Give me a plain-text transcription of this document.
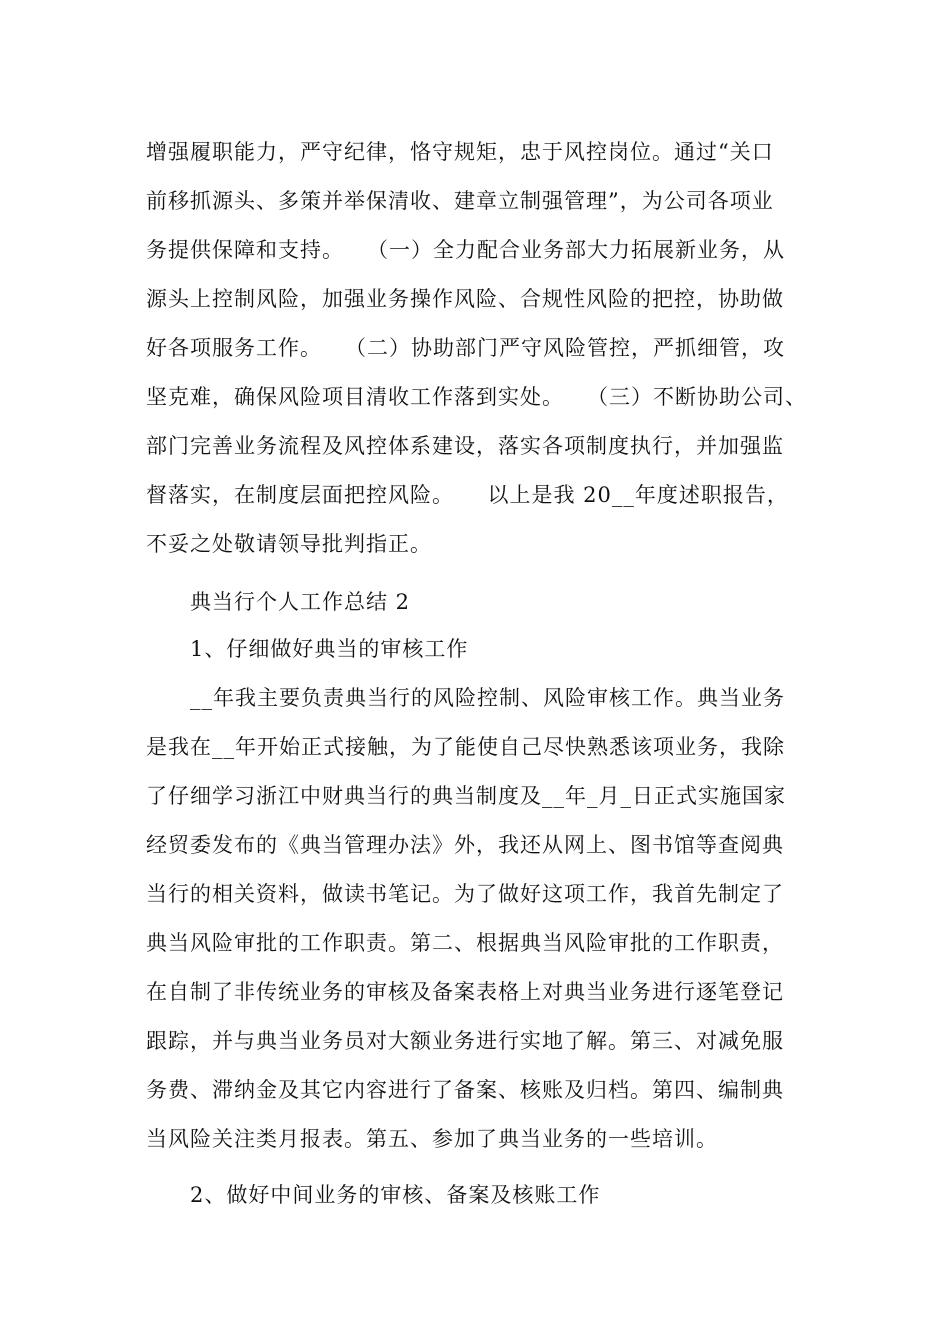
增强履职能力，严守纪律，恪守规矩，忠于风控岗位。通过“关口
前移抓源头、多策并举保清收、建章立制强管理”，为公司各项业
务提供保障和支持。　　（一）全力配合业务部大力拓展新业务，从
源头上控制风险，加强业务操作风险、合规性风险的把控，协助做
好各项服务工作。　　（二）协助部门严守风险管控，严抓细管，攻
坚克难，确保风险项目清收工作落到实处。　　（三）不断协助公司、
部门完善业务流程及风控体系建设，落实各项制度执行，并加强监
督落实，在制度层面把控风险。　　以上是我 20__年度述职报告，
不妥之处敬请领导批判指正。
典当行个人工作总结 2
1、仔细做好典当的审核工作
__年我主要负责典当行的风险控制、风险审核工作。典当业务
是我在__年开始正式接触，为了能使自己尽快熟悉该项业务，我除
了仔细学习浙江中财典当行的典当制度及__年_月_日正式实施国家
经贸委发布的《典当管理办法》外，我还从网上、图书馆等查阅典
当行的相关资料，做读书笔记。为了做好这项工作，我首先制定了
典当风险审批的工作职责。第二、根据典当风险审批的工作职责，
在自制了非传统业务的审核及备案表格上对典当业务进行逐笔登记
跟踪，并与典当业务员对大额业务进行实地了解。第三、对减免服
务费、滞纳金及其它内容进行了备案、核账及归档。第四、编制典
当风险关注类月报表。第五、参加了典当业务的一些培训。
2、做好中间业务的审核、备案及核账工作
